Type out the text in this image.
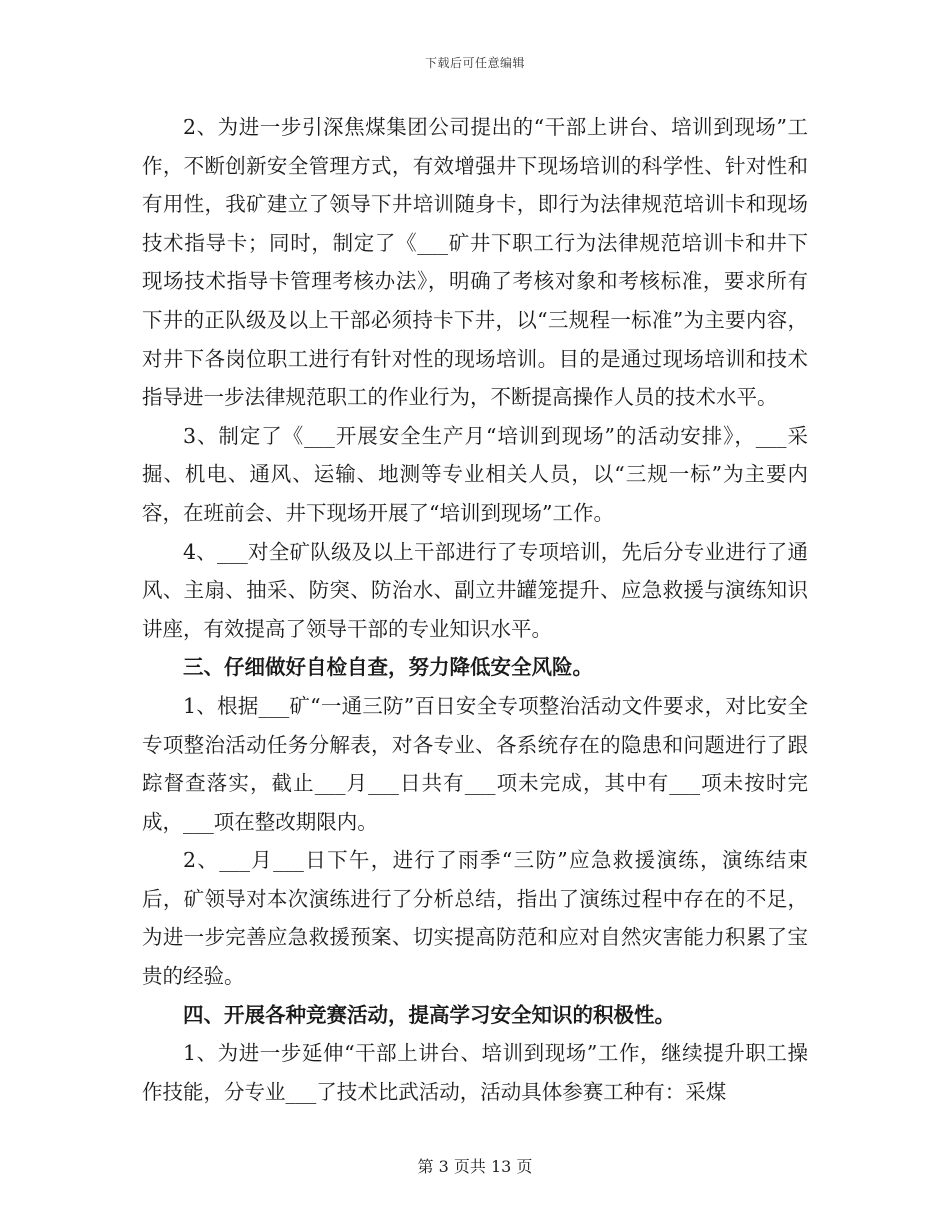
下载后可任意编辑

2、为进一步引深焦煤集团公司提出的“干部上讲台、培训到现场”工作，不断创新安全管理方式，有效增强井下现场培训的科学性、针对性和有用性，我矿建立了领导下井培训随身卡，即行为法律规范培训卡和现场技术指导卡；同时，制定了《___矿井下职工行为法律规范培训卡和井下现场技术指导卡管理考核办法》，明确了考核对象和考核标准，要求所有下井的正队级及以上干部必须持卡下井，以“三规程一标准”为主要内容，对井下各岗位职工进行有针对性的现场培训。目的是通过现场培训和技术指导进一步法律规范职工的作业行为，不断提高操作人员的技术水平。

3、制定了《___开展安全生产月“培训到现场”的活动安排》，___采掘、机电、通风、运输、地测等专业相关人员，以“三规一标”为主要内容，在班前会、井下现场开展了“培训到现场”工作。

4、___对全矿队级及以上干部进行了专项培训，先后分专业进行了通风、主扇、抽采、防突、防治水、副立井罐笼提升、应急救援与演练知识讲座，有效提高了领导干部的专业知识水平。

三、仔细做好自检自查，努力降低安全风险。

1、根据___矿“一通三防”百日安全专项整治活动文件要求，对比安全专项整治活动任务分解表，对各专业、各系统存在的隐患和问题进行了跟踪督查落实，截止___月___日共有___项未完成，其中有___项未按时完成，___项在整改期限内。

2、___月___日下午，进行了雨季“三防”应急救援演练，演练结束后，矿领导对本次演练进行了分析总结，指出了演练过程中存在的不足，为进一步完善应急救援预案、切实提高防范和应对自然灾害能力积累了宝贵的经验。

四、开展各种竞赛活动，提高学习安全知识的积极性。

1、为进一步延伸“干部上讲台、培训到现场”工作，继续提升职工操作技能，分专业___了技术比武活动，活动具体参赛工种有：采煤

第 3 页共 13 页
